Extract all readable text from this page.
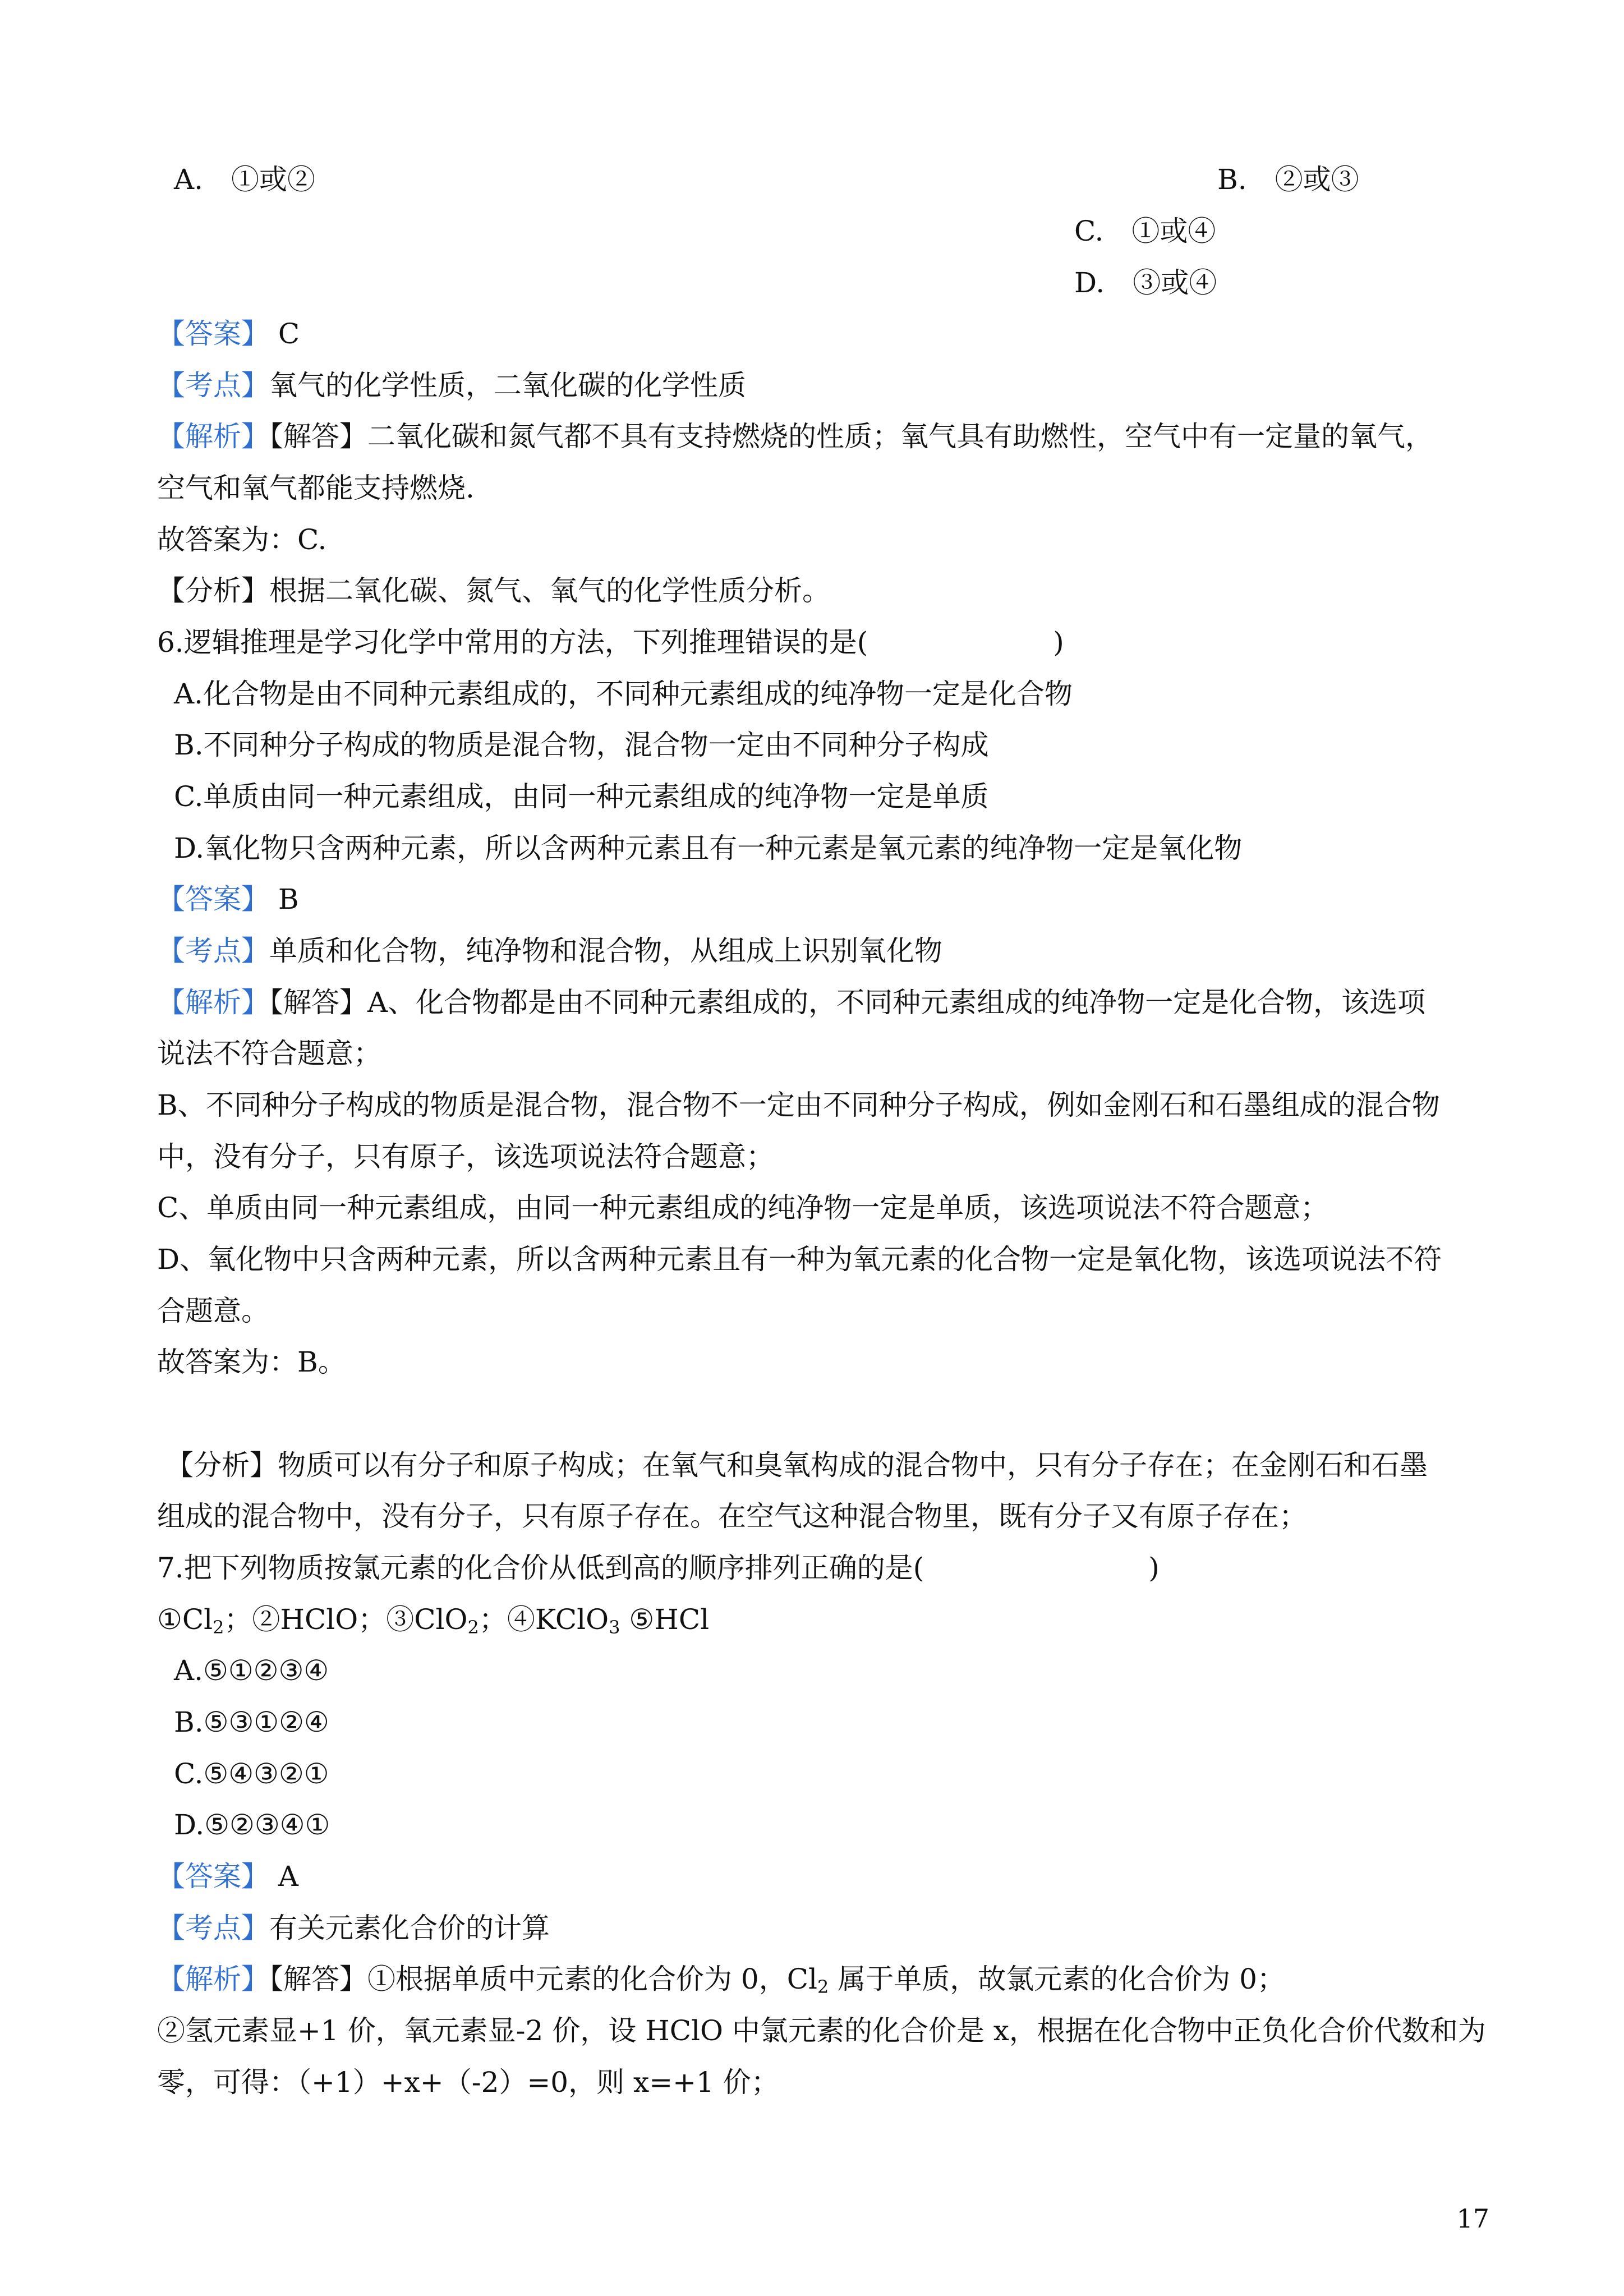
A.　①或②	B.　②或③
C.　①或④
D.　③或④
【答案】 C
【考点】氧气的化学性质，二氧化碳的化学性质
【解析】【解答】二氧化碳和氮气都不具有支持燃烧的性质；氧气具有助燃性，空气中有一定量的氧气，
空气和氧气都能支持燃烧.
故答案为：C.
【分析】根据二氧化碳、氮气、氧气的化学性质分析。
6.逻辑推理是学习化学中常用的方法，下列推理错误的是(	)
A.化合物是由不同种元素组成的，不同种元素组成的纯净物一定是化合物
B.不同种分子构成的物质是混合物，混合物一定由不同种分子构成
C.单质由同一种元素组成，由同一种元素组成的纯净物一定是单质
D.氧化物只含两种元素，所以含两种元素且有一种元素是氧元素的纯净物一定是氧化物
【答案】 B
【考点】单质和化合物，纯净物和混合物，从组成上识别氧化物
【解析】【解答】A、化合物都是由不同种元素组成的，不同种元素组成的纯净物一定是化合物，该选项
说法不符合题意；
B、不同种分子构成的物质是混合物，混合物不一定由不同种分子构成，例如金刚石和石墨组成的混合物
中，没有分子，只有原子，该选项说法符合题意；
C、单质由同一种元素组成，由同一种元素组成的纯净物一定是单质，该选项说法不符合题意；
D、氧化物中只含两种元素，所以含两种元素且有一种为氧元素的化合物一定是氧化物，该选项说法不符
合题意。
故答案为：B。
【分析】物质可以有分子和原子构成；在氧气和臭氧构成的混合物中，只有分子存在；在金刚石和石墨
组成的混合物中，没有分子，只有原子存在。在空气这种混合物里，既有分子又有原子存在；
7.把下列物质按氯元素的化合价从低到高的顺序排列正确的是(	)
$①Cl_2$；②HClO；③ClO$_2$；④KClO$_3$ ⑤HCl
A.⑤①②③④
B.⑤③①②④
C.⑤④③②①
D.⑤②③④①
【答案】 A
【考点】有关元素化合价的计算
【解析】【解答】①根据单质中元素的化合价为 0，$Cl_2$ 属于单质，故氯元素的化合价为 0；
②氢元素显+1 价，氧元素显-2 价，设 HClO 中氯元素的化合价是 x，根据在化合物中正负化合价代数和为
零，可得：（+1）+x+（-2）=0，则 x=+1 价；
17
